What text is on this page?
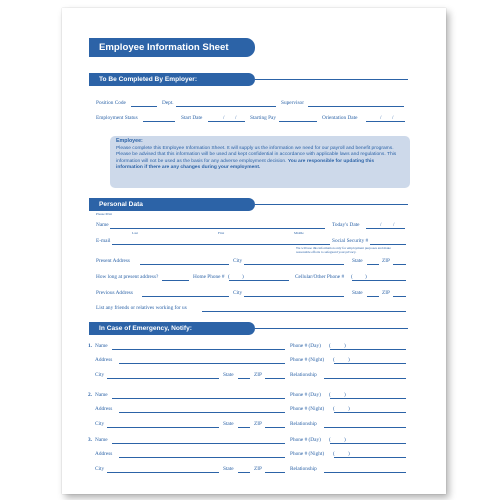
Employee Information Sheet
To Be Completed By Employer:
Position Code	Dept.	Supervisor
Employment Status	Start Date	/ /	Starting Pay	Orientation Date	/ /
Employee:
Please complete this Employee Information Sheet. It will supply us the information we need for our payroll and benefit programs. Please be advised that this information will be used and kept confidential in accordance with applicable laws and regulations. This information will not be used as the basis for any adverse employment decision. You are responsible for updating this information if there are any changes during your employment.
Personal Data
Please Print
Name
Last	First	Middle
Today's Date	/ /
E-mail	Social Security #
We will use this information only for employment purposes and make reasonable efforts to safeguard your privacy.
Present Address	City	State	ZIP
How long at present address?	Home Phone # ( )	Cellular/Other Phone # ( )
Previous Address	City	State	ZIP
List any friends or relatives working for us
In Case of Emergency, Notify:
1. Name	Phone # (Day) ( )
Address	Phone # (Night) ( )
City	State	ZIP	Relationship
2. Name	Phone # (Day) ( )
Address	Phone # (Night) ( )
City	State	ZIP	Relationship
3. Name	Phone # (Day) ( )
Address	Phone # (Night) ( )
City	State	ZIP	Relationship
